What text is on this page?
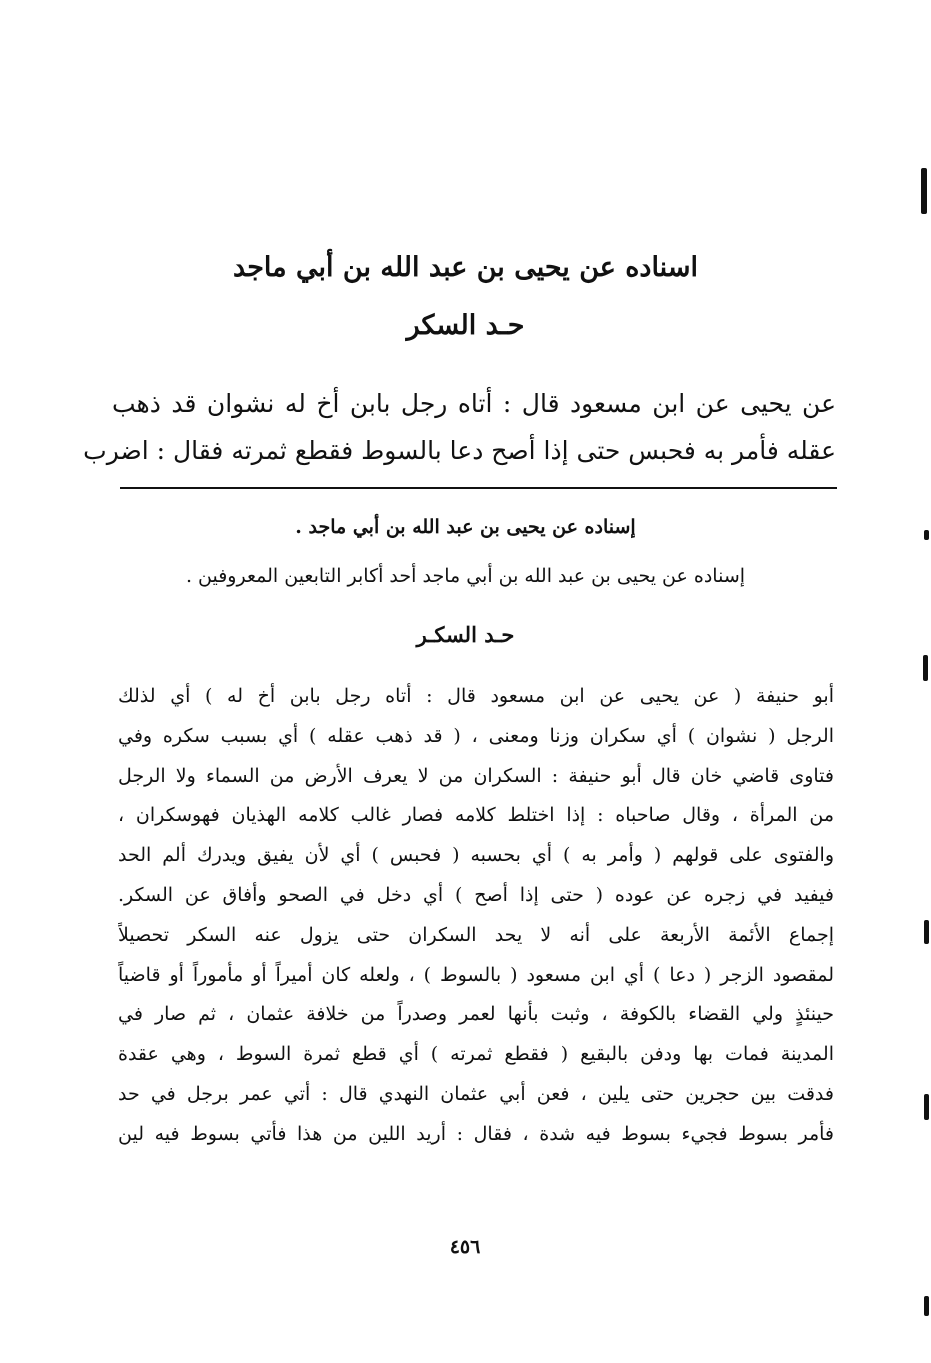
اسناده عن يحيى بن عبد الله بن أبي ماجد
حـد السكر
عن يحيى عن ابن مسعود قال : أتاه رجل بابن أخ له نشوان قد ذهب
عقله فأمر به فحبس حتى إذا أصح دعا بالسوط فقطع ثمرته فقال : اضرب
إسناده عن يحيى بن عبد الله بن أبي ماجد .
إسناده عن يحيى بن عبد الله بن أبي ماجد أحد أكابر التابعين المعروفين .
حـد السكـر
أبو حنيفة ( عن يحيى عن ابن مسعود قال : أتاه رجل بابن أخ له ) أي لذلك
الرجل ( نشوان ) أي سكران وزنا ومعنى ، ( قد ذهب عقله ) أي بسبب سكره وفي
فتاوى قاضي خان قال أبو حنيفة : السكران من لا يعرف الأرض من السماء ولا الرجل
من المرأة ، وقال صاحباه : إذا اختلط كلامه فصار غالب كلامه الهذيان فهوسكران ،
والفتوى على قولهم ( وأمر به ) أي بحسبه ( فحبس ) أي لأن يفيق ويدرك ألم الحد
فيفيد في زجره عن عوده ( حتى إذا أصح ) أي دخل في الصحو وأفاق عن السكر.
إجماع الأئمة الأربعة على أنه لا يحد السكران حتى يزول عنه السكر تحصيلاً
لمقصود الزجر ( دعا ) أي ابن مسعود ( بالسوط ) ، ولعله كان أميراً أو مأموراً أو قاضياً
حينئذٍ ولي القضاء بالكوفة ، وثبت بأنها لعمر وصدراً من خلافة عثمان ، ثم صار في
المدينة فمات بها ودفن بالبقيع ( فقطع ثمرته ) أي قطع ثمرة السوط ، وهي عقدة
فدقت بين حجرين حتى يلين ، فعن أبي عثمان النهدي قال : أتي عمر برجل في حد
فأمر بسوط فجيء بسوط فيه شدة ، فقال : أريد اللين من هذا فأتي بسوط فيه لين
٤٥٦
